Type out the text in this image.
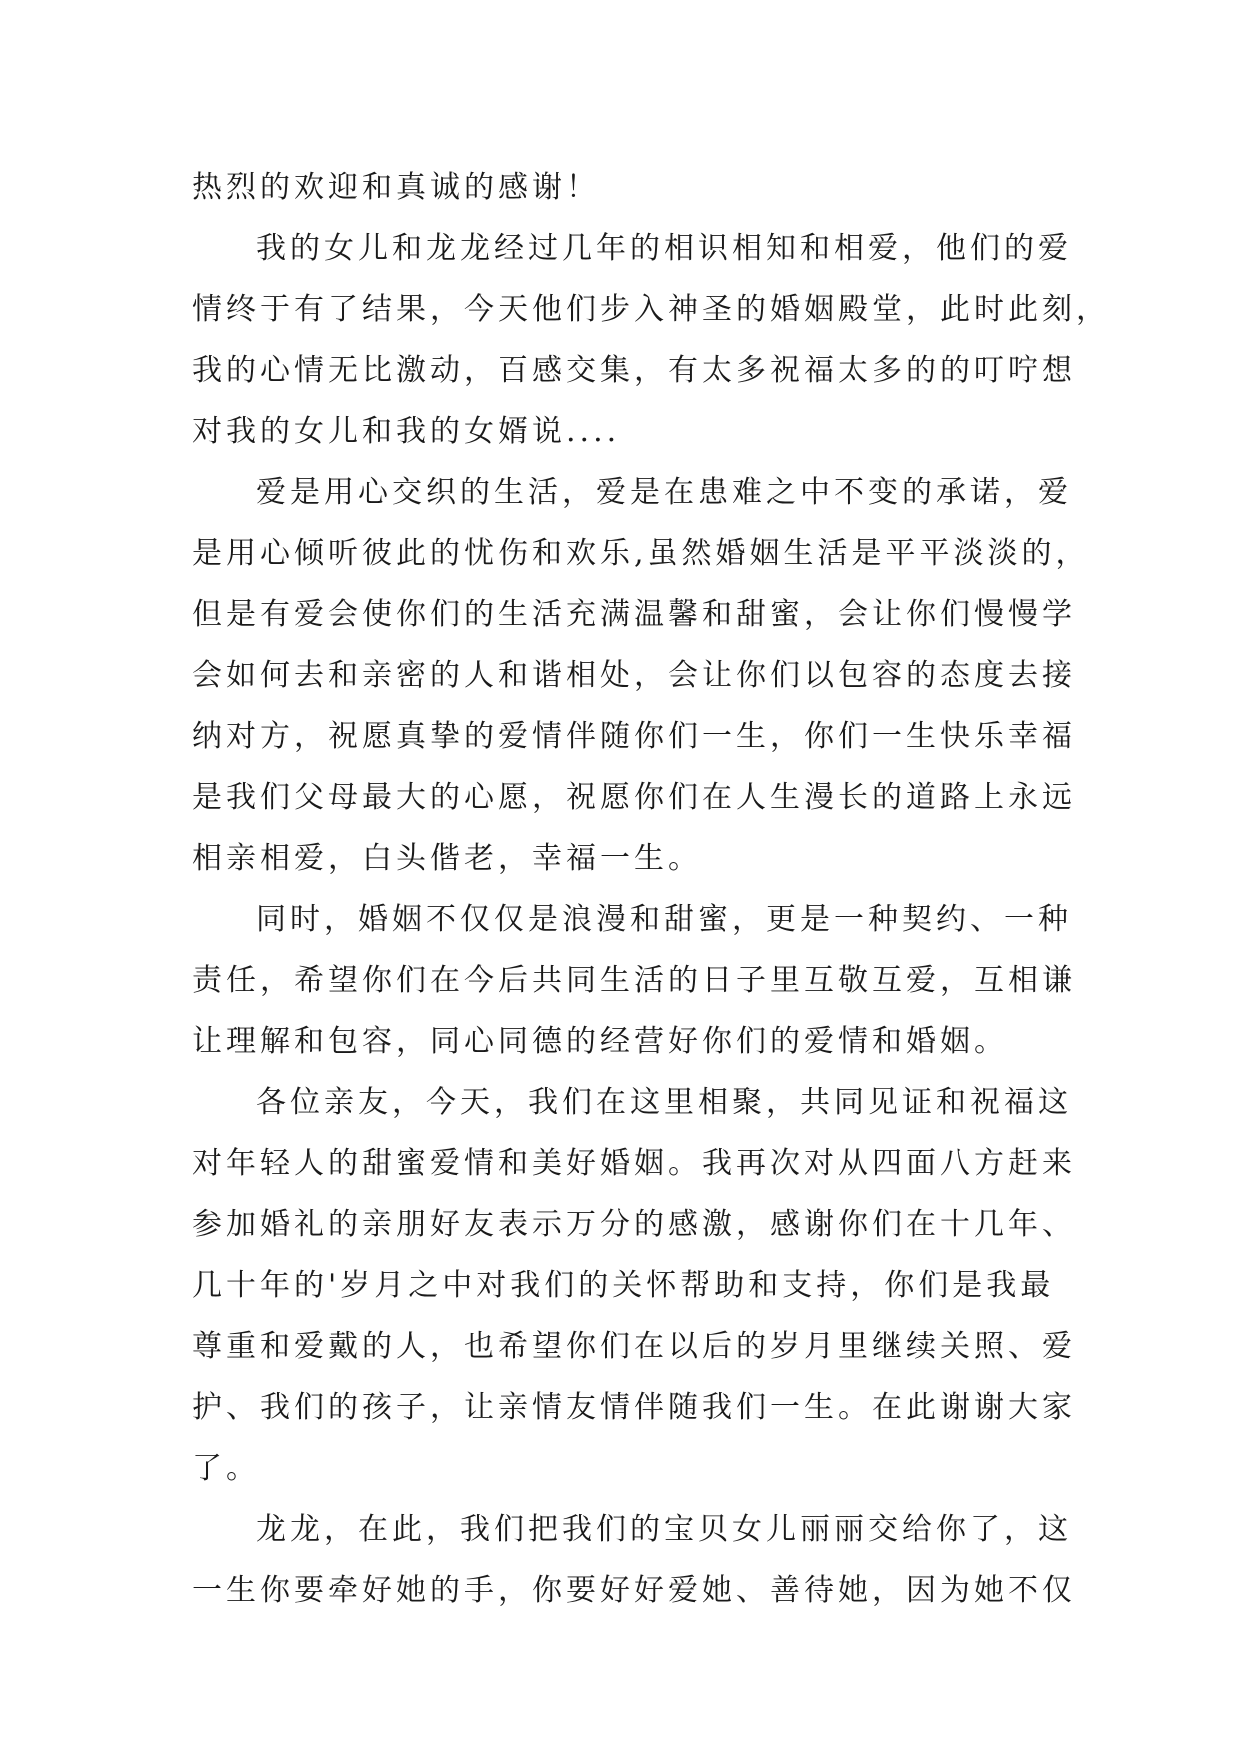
热烈的欢迎和真诚的感谢！
我的女儿和龙龙经过几年的相识相知和相爱，他们的爱
情终于有了结果，今天他们步入神圣的婚姻殿堂，此时此刻，
我的心情无比激动，百感交集，有太多祝福太多的的叮咛想
对我的女儿和我的女婿说....
爱是用心交织的生活，爱是在患难之中不变的承诺，爱
是用心倾听彼此的忧伤和欢乐,虽然婚姻生活是平平淡淡的，
但是有爱会使你们的生活充满温馨和甜蜜，会让你们慢慢学
会如何去和亲密的人和谐相处，会让你们以包容的态度去接
纳对方，祝愿真挚的爱情伴随你们一生，你们一生快乐幸福
是我们父母最大的心愿，祝愿你们在人生漫长的道路上永远
相亲相爱，白头偕老，幸福一生。
同时，婚姻不仅仅是浪漫和甜蜜，更是一种契约、一种
责任，希望你们在今后共同生活的日子里互敬互爱，互相谦
让理解和包容，同心同德的经营好你们的爱情和婚姻。
各位亲友，今天，我们在这里相聚，共同见证和祝福这
对年轻人的甜蜜爱情和美好婚姻。我再次对从四面八方赶来
参加婚礼的亲朋好友表示万分的感激，感谢你们在十几年、
几十年的'岁月之中对我们的关怀帮助和支持，你们是我最
尊重和爱戴的人，也希望你们在以后的岁月里继续关照、爱
护、我们的孩子，让亲情友情伴随我们一生。在此谢谢大家
了。
龙龙，在此，我们把我们的宝贝女儿丽丽交给你了，这
一生你要牵好她的手，你要好好爱她、善待她，因为她不仅
